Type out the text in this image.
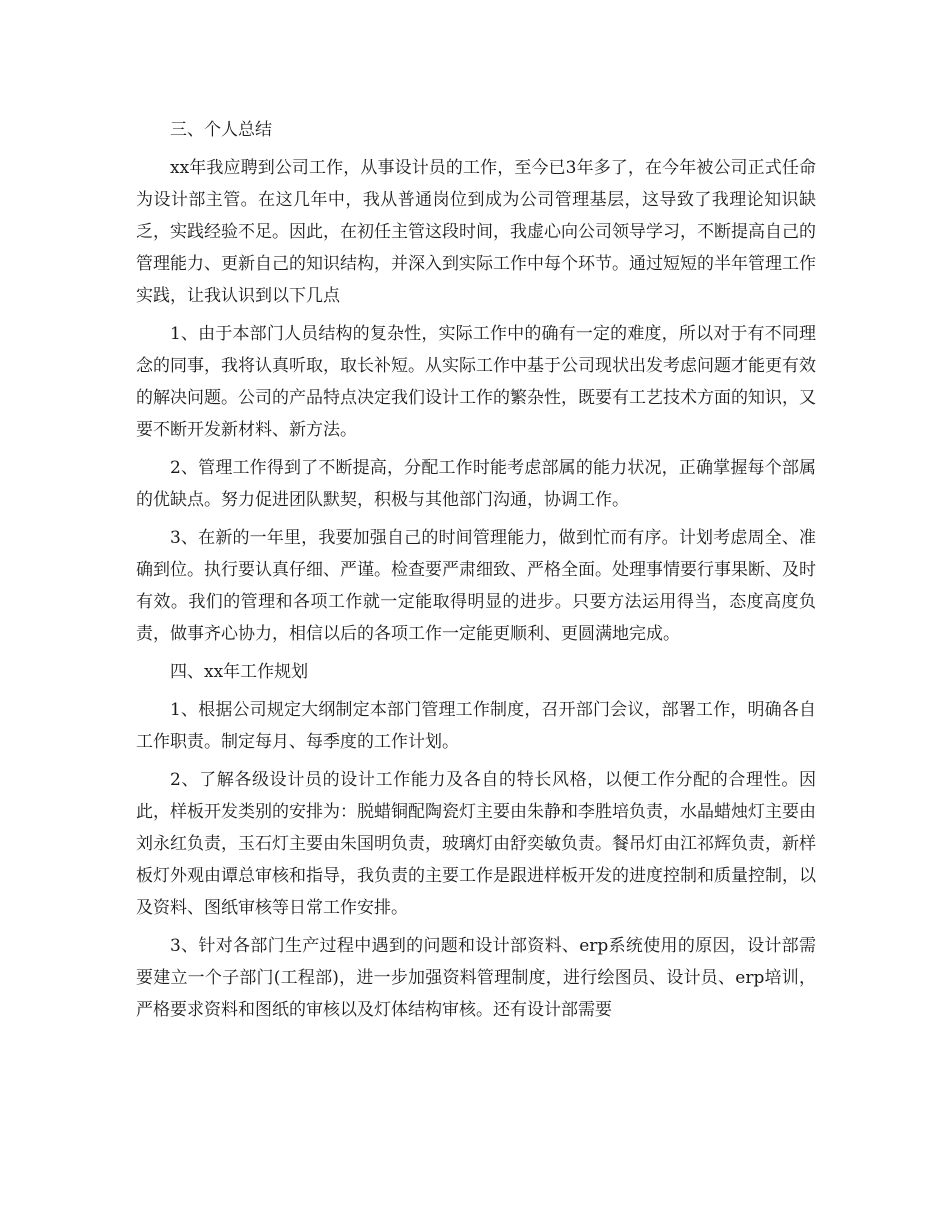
三、个人总结

xx年我应聘到公司工作，从事设计员的工作，至今已3年多了，在今年被公司正式任命为设计部主管。在这几年中，我从普通岗位到成为公司管理基层，这导致了我理论知识缺乏，实践经验不足。因此，在初任主管这段时间，我虚心向公司领导学习，不断提高自己的管理能力、更新自己的知识结构，并深入到实际工作中每个环节。通过短短的半年管理工作实践，让我认识到以下几点

1、由于本部门人员结构的复杂性，实际工作中的确有一定的难度，所以对于有不同理念的同事，我将认真听取，取长补短。从实际工作中基于公司现状出发考虑问题才能更有效的解决问题。公司的产品特点决定我们设计工作的繁杂性，既要有工艺技术方面的知识，又要不断开发新材料、新方法。

2、管理工作得到了不断提高，分配工作时能考虑部属的能力状况，正确掌握每个部属的优缺点。努力促进团队默契，积极与其他部门沟通，协调工作。

3、在新的一年里，我要加强自己的时间管理能力，做到忙而有序。计划考虑周全、准确到位。执行要认真仔细、严谨。检查要严肃细致、严格全面。处理事情要行事果断、及时有效。我们的管理和各项工作就一定能取得明显的进步。只要方法运用得当，态度高度负责，做事齐心协力，相信以后的各项工作一定能更顺利、更圆满地完成。

四、xx年工作规划

1、根据公司规定大纲制定本部门管理工作制度，召开部门会议，部署工作，明确各自工作职责。制定每月、每季度的工作计划。

2、了解各级设计员的设计工作能力及各自的特长风格，以便工作分配的合理性。因此，样板开发类别的安排为：脱蜡铜配陶瓷灯主要由朱静和李胜培负责，水晶蜡烛灯主要由刘永红负责，玉石灯主要由朱国明负责，玻璃灯由舒奕敏负责。餐吊灯由江祁辉负责，新样板灯外观由谭总审核和指导，我负责的主要工作是跟进样板开发的进度控制和质量控制，以及资料、图纸审核等日常工作安排。

3、针对各部门生产过程中遇到的问题和设计部资料、erp系统使用的原因，设计部需要建立一个子部门(工程部)，进一步加强资料管理制度，进行绘图员、设计员、erp培训，严格要求资料和图纸的审核以及灯体结构审核。还有设计部需要
